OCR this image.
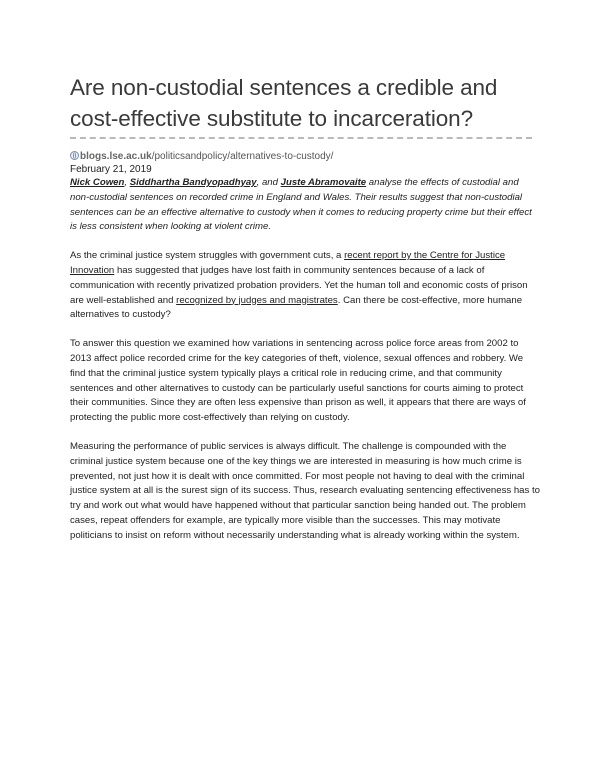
Are non-custodial sentences a credible and cost-effective substitute to incarceration?
blogs.lse.ac.uk/politicsandpolicy/alternatives-to-custody/
February 21, 2019

Nick Cowen, Siddhartha Bandyopadhyay, and Juste Abramovaite analyse the effects of custodial and non-custodial sentences on recorded crime in England and Wales. Their results suggest that non-custodial sentences can be an effective alternative to custody when it comes to reducing property crime but their effect is less consistent when looking at violent crime.

As the criminal justice system struggles with government cuts, a recent report by the Centre for Justice Innovation has suggested that judges have lost faith in community sentences because of a lack of communication with recently privatized probation providers. Yet the human toll and economic costs of prison are well-established and recognized by judges and magistrates. Can there be cost-effective, more humane alternatives to custody?

To answer this question we examined how variations in sentencing across police force areas from 2002 to 2013 affect police recorded crime for the key categories of theft, violence, sexual offences and robbery. We find that the criminal justice system typically plays a critical role in reducing crime, and that community sentences and other alternatives to custody can be particularly useful sanctions for courts aiming to protect their communities. Since they are often less expensive than prison as well, it appears that there are ways of protecting the public more cost-effectively than relying on custody.

Measuring the performance of public services is always difficult. The challenge is compounded with the criminal justice system because one of the key things we are interested in measuring is how much crime is prevented, not just how it is dealt with once committed. For most people not having to deal with the criminal justice system at all is the surest sign of its success. Thus, research evaluating sentencing effectiveness has to try and work out what would have happened without that particular sanction being handed out. The problem cases, repeat offenders for example, are typically more visible than the successes. This may motivate politicians to insist on reform without necessarily understanding what is already working within the system.
